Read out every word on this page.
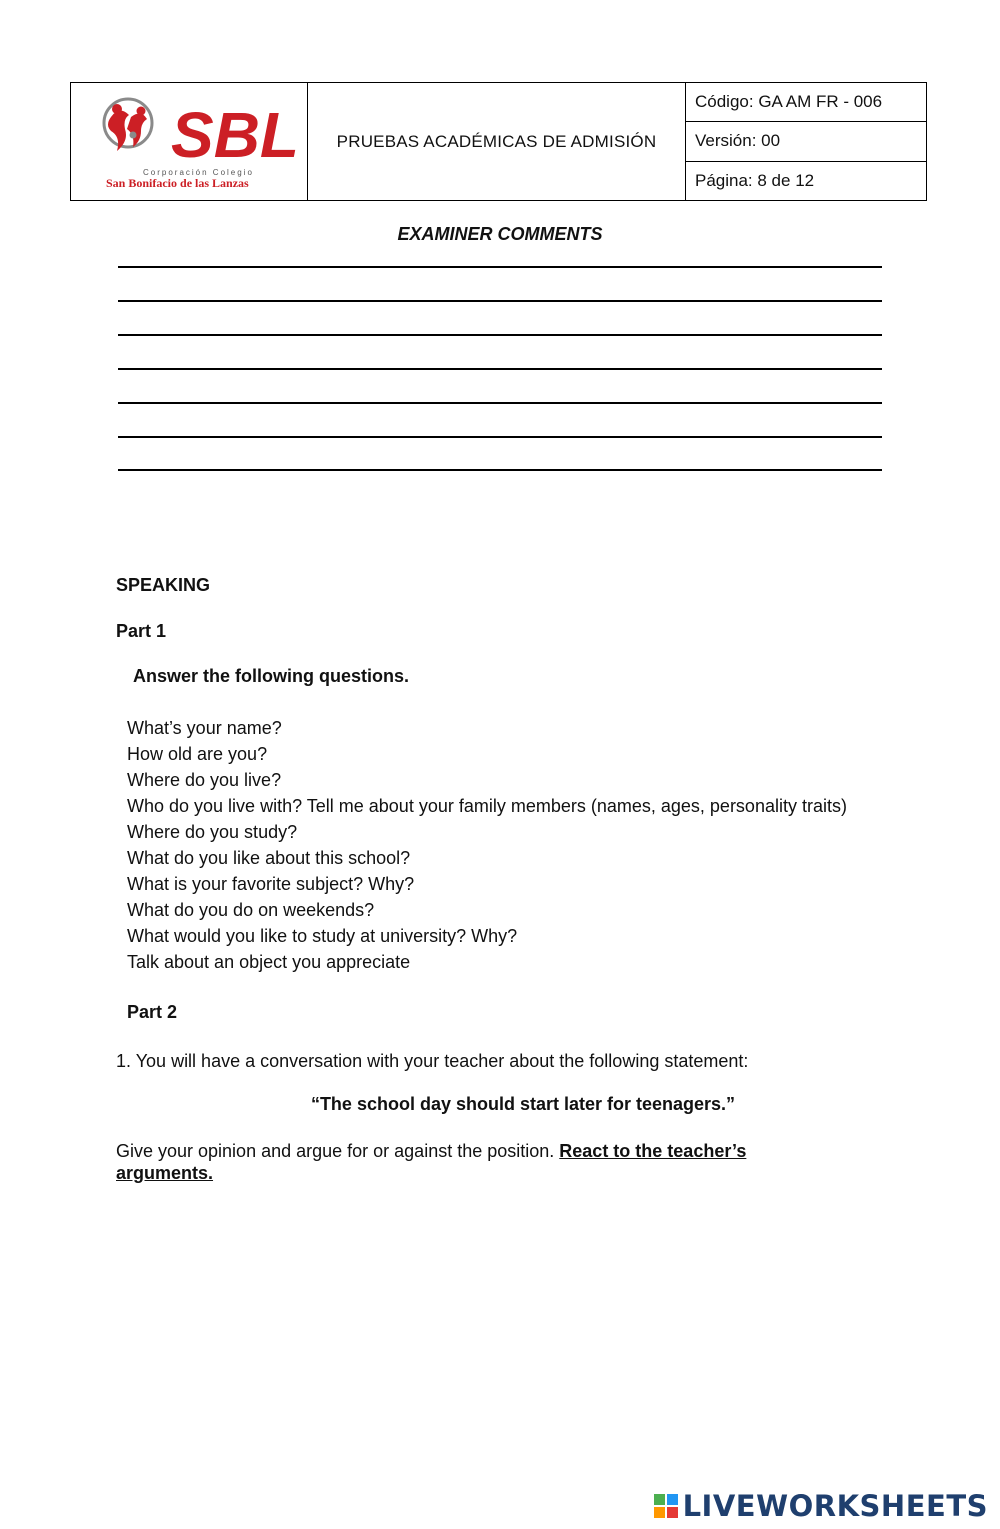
SBL
Corporación Colegio
San Bonifacio de las Lanzas
PRUEBAS ACADÉMICAS DE ADMISIÓN
Código: GA AM FR - 006
Versión: 00
Página: 8 de 12
EXAMINER COMMENTS
SPEAKING
Part 1
Answer the following questions.
What’s your name?
How old are you?
Where do you live?
Who do you live with? Tell me about your family members (names, ages, personality traits)
Where do you study?
What do you like about this school?
What is your favorite subject? Why?
What do you do on weekends?
What would you like to study at university? Why?
Talk about an object you appreciate
Part 2
1. You will have a conversation with your teacher about the following statement:
“The school day should start later for teenagers.”
Give your opinion and argue for or against the position. React to the teacher’s
arguments.
LIVEWORKSHEETS
